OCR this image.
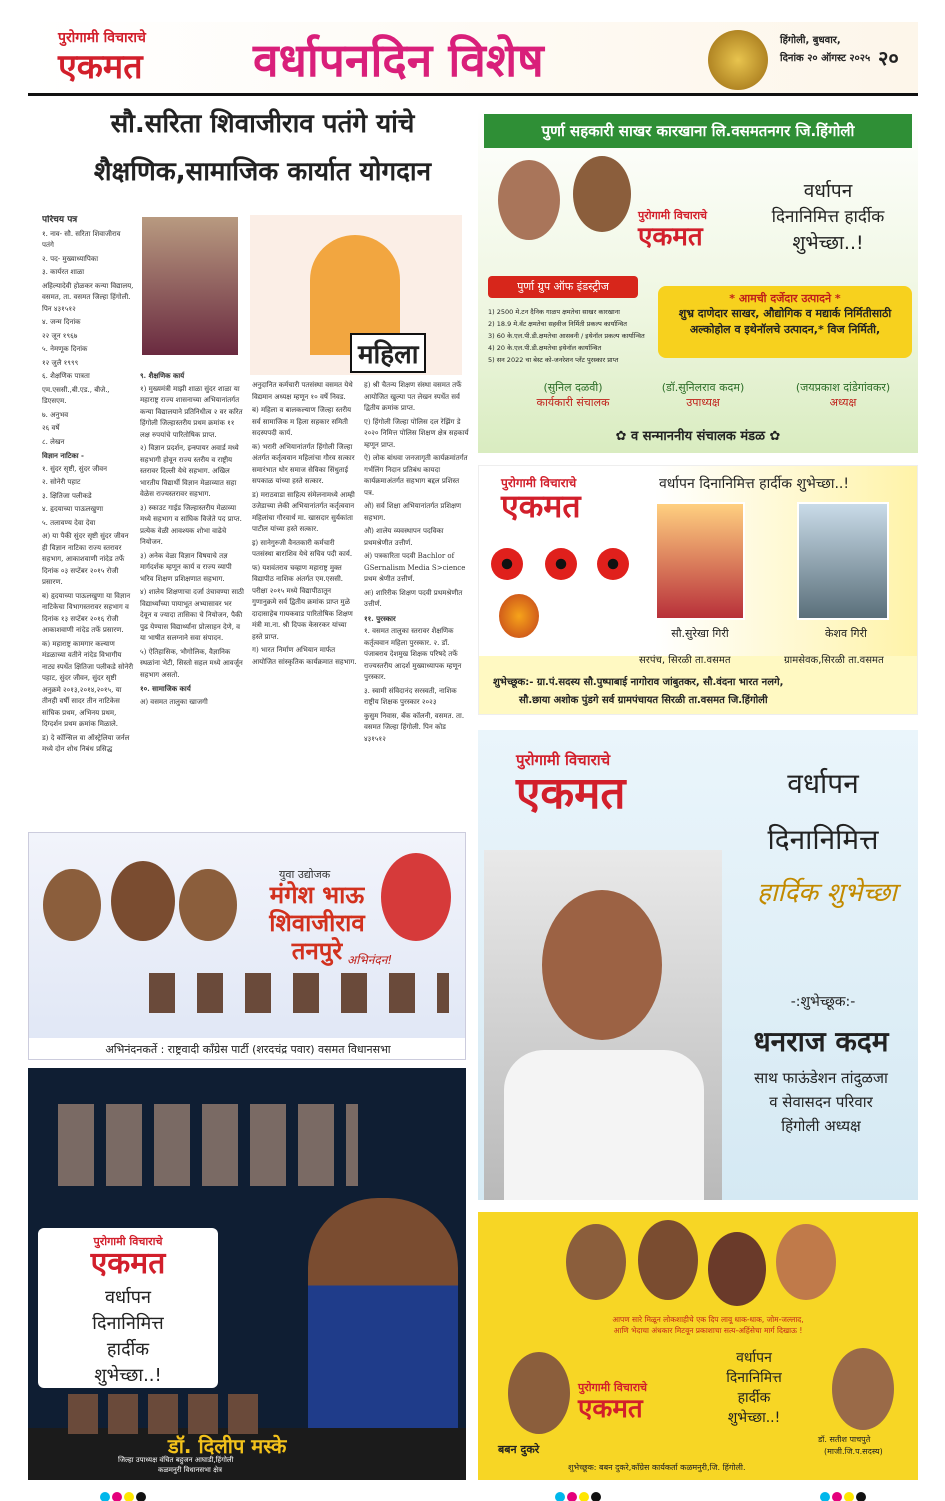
पुरोगामी विचाराचे
एकमत वर्धापनदिन विशेष	हिंगोली, बुधवार,
दिनांक २० ऑगस्ट २०२५ २०
सौ.सरिता शिवाजीराव पतंगे यांचे
शैक्षणिक,सामाजिक कार्यात योगदान

परिचय पत्र

१. नाव- सौ. सरिता शिवाजीराव पतंगे

२. पद- मुख्याध्यापिका

३. कार्यरत शाळा

अहिल्यादेवी होळकर कन्या विद्यालय, वसमत, ता. वसमत जिल्हा हिंगोली. पिन ४३१५१२

४. जन्म दिनांक

२२ जून १९६७

५. नेमणूक दिनांक

१२ जुलै १९९९

६. शैक्षणिक पात्रता

एम.एससी.,बी.एड., बीजे., डिएसएम.

७. अनुभव

२६ वर्षे

८. लेखन

विज्ञान नाटिका -

१. सुंदर सृष्टी, सुंदर जीवन

२. सोनेरी पहाट

३. क्षितिजा पलीकडे

४. हृदयाच्या पाऊलखुणा

५. तलावण्य देवा देवा

अ) या पैकी सुंदर सृष्टी सुंदर जीवन ही विज्ञान नाटिका राज्य स्तरावर सहभाग, आकाशवाणी नांदेड तर्फे दिनांक ०३ सप्टेंबर २०१५ रोजी प्रसारण.

ब) हृदयाच्या पाऊलखुणा या विज्ञान नाटिकेचा विभागस्तरावर सहभाग व दिनांक १३ सप्टेंबर २०१६ रोजी आकाशवाणी नांदेड तर्फे प्रसारण.

क) महाराष्ट्र कामगार कल्याण मंडळाच्या वतीने नांदेड विभागीय नाट्य स्पर्धेत क्षितिजा पलीकडे सोनेरी पहाट, सुंदर जीवन, सुंदर सृष्टी अनुक्रमे २०१३,२०१४,२०१५, या तीनही वर्षी सादर तीन नाटिकेस सांघिक प्रथम, अभिनय प्रथम, दिग्दर्शन प्रथम क्रमांक मिळाले.

ड) दे कॉन्सिल वा ऑस्ट्रेलिया जर्नल मध्ये दोन शोध निबंध प्रसिद्ध

महिला

९. शैक्षणिक कार्य

१) मुख्यमंत्री माझी शाळा सुंदर शाळा या महाराष्ट्र राज्य शासनाच्या अभियानांतर्गत कन्या विद्यालयाने प्रतिनिधीत्व २ वर करित हिंगोली जिल्हास्तरीय प्रथम क्रमांक ११ लक्ष रुपयांचे पारितोषिक प्राप्त.

२) विज्ञान प्रदर्शन, इन्स्पायर अवार्ड मध्ये सहभागी होवून राज्य स्तरीय व राष्ट्रीय स्तरावर दिल्ली येथे सहभाग. अखिल भारतीय विद्यार्थी विज्ञान मेळाव्यात सहा वेळेस राज्यस्तरावर सहभाग.

३) स्काउट गाईड जिल्हास्तरीय मेळाव्या मध्ये सहभाग व सांघिक विजेते पद प्राप्त. प्रत्येक वेळी आवश्यक शोभा वाढेचे नियोजन.

३) अनेक वेळा विज्ञान विषयाचे तज्ञ मार्गदर्शक म्हणून कार्य व राज्य व्यापी भरिव शिक्षण प्रशिक्षणात सहभाग.

४) शालेय शिक्षणाचा दर्जा उंचावण्या साठी विद्यार्थ्यांच्या पायाभूत अभ्यासावर भर देवून व ज्यादा तासिका चे नियोजन, पैकी पुढ येण्यास विद्यार्थ्यांना प्रोत्साहन देणे, व या भाषीत सलग्नाने सवा संपादन.

५) ऐतिहासिक, भौगोलिक, वैज्ञानिक स्थळांना भेटी, सिस्तो सहल मध्ये आवर्जून सहभाग असतो.

१०. सामाजिक कार्य

अ) वसमत तालुका खाजगी

अनुदानित कर्मचारी पतसंस्था वसमत येथे विद्यमान अध्यक्ष म्हणून १० वर्षे निवड.

ब) महिला व बालकल्याण जिल्हा स्तरीय सर्व सामाजिक म हिला सहकार समिती सदस्यपदी कार्य.

क) भरारी अभियानांतर्गत हिंगोली जिल्हा अंतर्गत कर्तृत्ववान महिलांचा गौरव सत्कार समारंभात थोर समाज सेविका सिंधुताई सपकाळ यांच्या हस्ते सत्कार.

ड) मराठवाडा साहित्य संमेलनामध्ये आम्ही उजेडाच्या लेकी अभियानांतर्गत कर्तृत्ववान महिलांचा गौरवार्थ मा. खासदार सुर्यकांता पाटील यांच्या हस्ते सत्कार.

इ) सानेगुरुजी वैनतकारी कर्मचारी पतसंस्था बाराशिव येथे सचिव पदी कार्य.

फ) यशवंतराव चव्हाण महाराष्ट्र मुक्त विद्यापीठ नाशिक अंतर्गत एम.एससी. परीक्षा २०१५ मध्ये विद्यापीठातून गुणानुक्रमे सर्व द्वितीय क्रमांक प्राप्त मुळे दादासाहेब गायकवाड पारितोषिक शिक्षण मंत्री मा.ना. श्री दिपक केसरकर यांच्या हस्ते प्राप्त.

ग) भारत निर्माण अभियान मार्फत आयोजित सांस्कृतिक कार्यक्रमात सहभाग.

ह) श्री चैतन्य शिक्षण संस्था वसमत तर्फे आयोजित खुल्या पत लेखन स्पर्धेत सर्व द्वितीय क्रमांक प्राप्त.

ए) हिंगोली जिल्हा पोलिस दल रेझिंग डे २०२० निमित्त पोलिस शिक्षण क्षेत्र सहकार्य म्हणून प्राप्त.

ऐ) लोक बांधवा जनजागृती कार्यक्रमांतर्गत गर्भलिंग निदान प्रतिबंध कायदा कार्यक्रमाअंतर्गत सहभाग बद्दल प्रशिस्त पत्र.

ओ) सर्व शिक्षा अभियानांतर्गत प्रशिक्षण सहभाग.

औ) शालेय व्यवस्थापन पदविका प्रथमश्रेणीत उत्तीर्ण.

अं) पत्रकारिता पदवी Bachlor of GSernalism Media S>cience प्रथम श्रेणीत उत्तीर्ण.

अः) शारिरीक शिक्षण पदवी प्रथमश्रेणीत उत्तीर्ण.

११. पुरस्कार

१. वसमत तालुका स्तरावर शैक्षणिक कर्तृत्ववान महिला पुरस्कार. २. डॉ. पंजाबराव देशमुख शिक्षक परिषदे तर्फे राज्यस्तरीय आदर्श मुख्याध्यापक म्हणून पुरस्कार.

३. स्वामी संविदानंद सरस्वती, नाशिक राष्ट्रीय शिक्षक पुरस्कार २०२३

कुसुम निवास, बँक कॉलनी, वसमत. ता. वसमत जिल्हा हिंगोली. पिन कोड ४३१५१२

पुर्णा सहकारी साखर कारखाना लि.वसमतनगर जि.हिंगोली
पुरोगामी विचाराचे
एकमत
वर्धापन
दिनानिमित्त हार्दीक
शुभेच्छा..!
पुर्णा ग्रुप ऑफ इंडस्ट्रीज
1) 2500 मे.टन दैनिक गाळप क्षमतेचा साखर कारखाना
2) 18.9 मे.वॅट क्षमतेचा सहवीज निर्मिती प्रकल्प कार्यान्वित
3) 60 के.एल.पी.डी.क्षमतेचा आसवनी / इथेनॉल प्रकल्प कार्यान्वित
4) 20 के.एल.पी.डी.क्षमतेचा इथेनॉल कार्यान्वित
5) सन 2022 चा बेस्ट को-जनरेशन प्लँट पुरस्कार प्राप्त
* आमची दर्जेदार उत्पादने *
शुभ्र दाणेदार साखर, औद्योगिक व मद्यार्क निर्मितीसाठी अल्कोहोल व इथेनॉलचे उत्पादन,* विज निर्मिती,
(सुनिल दळवी)
कार्यकारी संचालक
(डॉ.सुनिलराव कदम)
उपाध्यक्ष
(जयप्रकाश दांडेगांवकर)
अध्यक्ष
✿ व सन्माननीय संचालक मंडळ ✿
पुरोगामी विचाराचे
एकमत
वर्धापन दिनानिमित्त हार्दीक शुभेच्छा..!
सौ.सुरेखा गिरी	केशव गिरी
सरपंच, सिरळी ता.वसमत	ग्रामसेवक,सिरळी ता.वसमत
शुभेच्छूक:- ग्रा.पं.सदस्य सौ.पुष्पाबाई नागोराव जांबुतकर, सौ.वंदना भारत नलगे,
सौ.छाया अशोक पुंडगे सर्व ग्रामपंचायत सिरळी ता.वसमत जि.हिंगोली
पुरोगामी विचाराचे
एकमत	वर्धापन
दिनानिमित्त
हार्दिक शुभेच्छा
-:शुभेच्छूक:-
धनराज कदम
साथ फाऊंडेशन तांदुळजा
व सेवासदन परिवार
हिंगोली अध्यक्ष
युवा उद्योजक
मंगेश भाऊ
शिवाजीराव
तनपुरे अभिनंदन!
अभिनंदनकर्ते : राष्ट्रवादी कॉंग्रेस पार्टी (शरदचंद्र पवार) वसमत विधानसभा
पुरोगामी विचाराचे
एकमत
वर्धापन
दिनानिमित्त
हार्दीक
शुभेच्छा..!
डॉ. दिलीप मस्के
जिल्हा उपाध्यक्ष वंचित बहुजन आघाडी,हिंगोली
कळमनुरी विधानसभा क्षेत्र
आपण सारे मिळून लोकशाहीचे एक दिप लावू धाक-धाक, जोम-जल्लाद,
आणि भेदाचा अंधकार मिटवून प्रकाशाचा सत्य-अहिंसेचा मार्ग दिखाऊ !
पुरोगामी विचाराचे
एकमत
वर्धापन
दिनानिमित्त
हार्दीक
शुभेच्छा..!
बबन दुकरे
डॉ. सतीश पाचपुते
(माजी.जि.प.सदस्य)
शुभेच्छूक: बबन दुकरे,कॉंग्रेस कार्यकर्ता कळमनुरी,जि. हिंगोली.
